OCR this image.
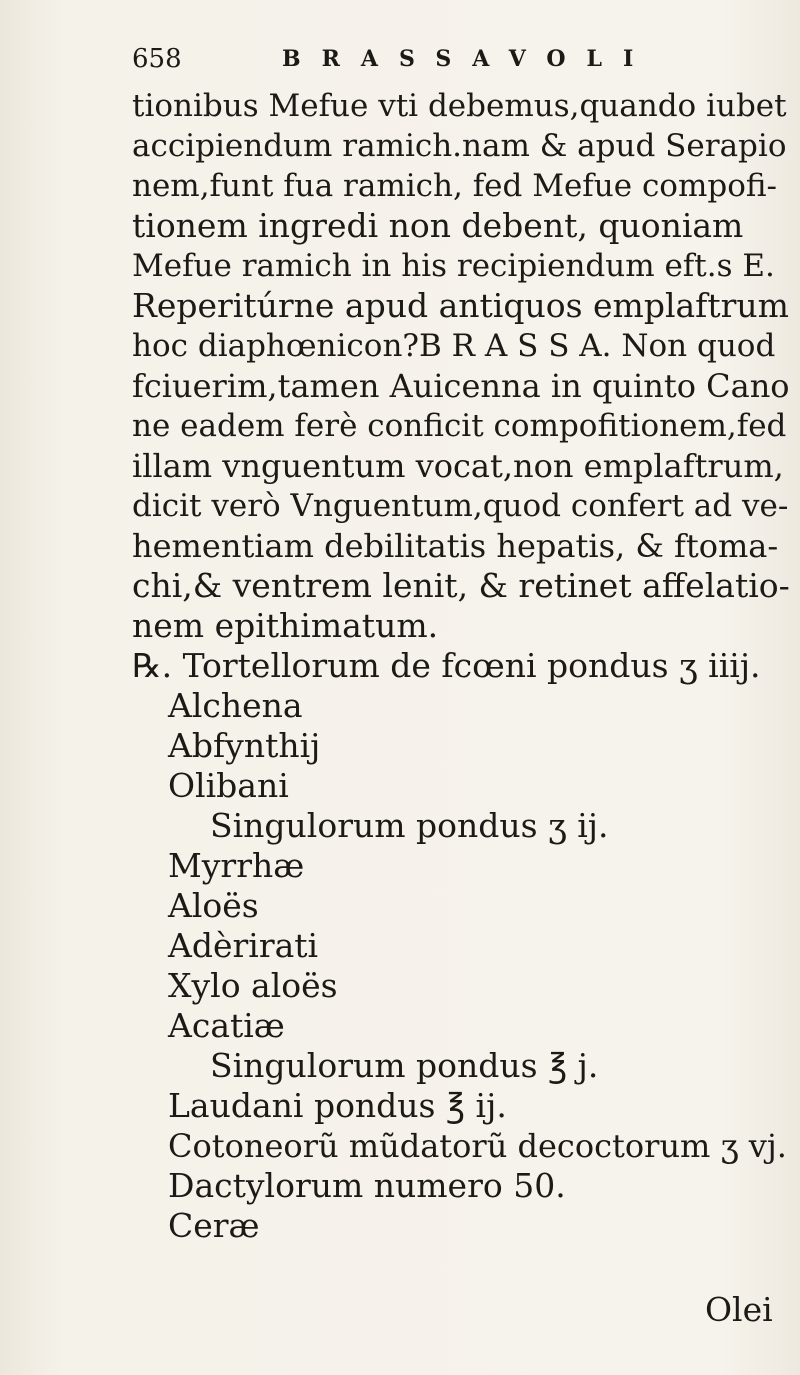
658	BRASSAVOLI
tionibus Mefue vti debemus,quando iubet
accipiendum ramich.nam & apud Serapio
nem,funt fua ramich, fed Mefue compofi-
tionem ingredi non debent, quoniam
Mefue ramich in his recipiendum eft.s E.
Reperitúrne apud antiquos emplaftrum
hoc diaphœnicon?B R A S S A. Non quod
fciuerim,tamen Auicenna in quinto Cano
ne eadem ferè conficit compofitionem,fed
illam vnguentum vocat,non emplaftrum,
dicit verò Vnguentum,quod confert ad ve-
hementiam debilitatis hepatis, & ftoma-
chi,& ventrem lenit, & retinet affelatio-
nem epithimatum.
℞. Tortellorum de fcœni pondus ʒ iiij.
Alchena
Abfynthij
Olibani
Singulorum pondus ʒ ij.
Myrrhæ
Aloës
Adèrirati
Xylo aloës
Acatiæ
Singulorum pondus ℥ j.
Laudani pondus ℥ ij.
Cotoneorũ mũdatorũ decoctorum ʒ vj.
Dactylorum numero 50.
Ceræ
Olei
